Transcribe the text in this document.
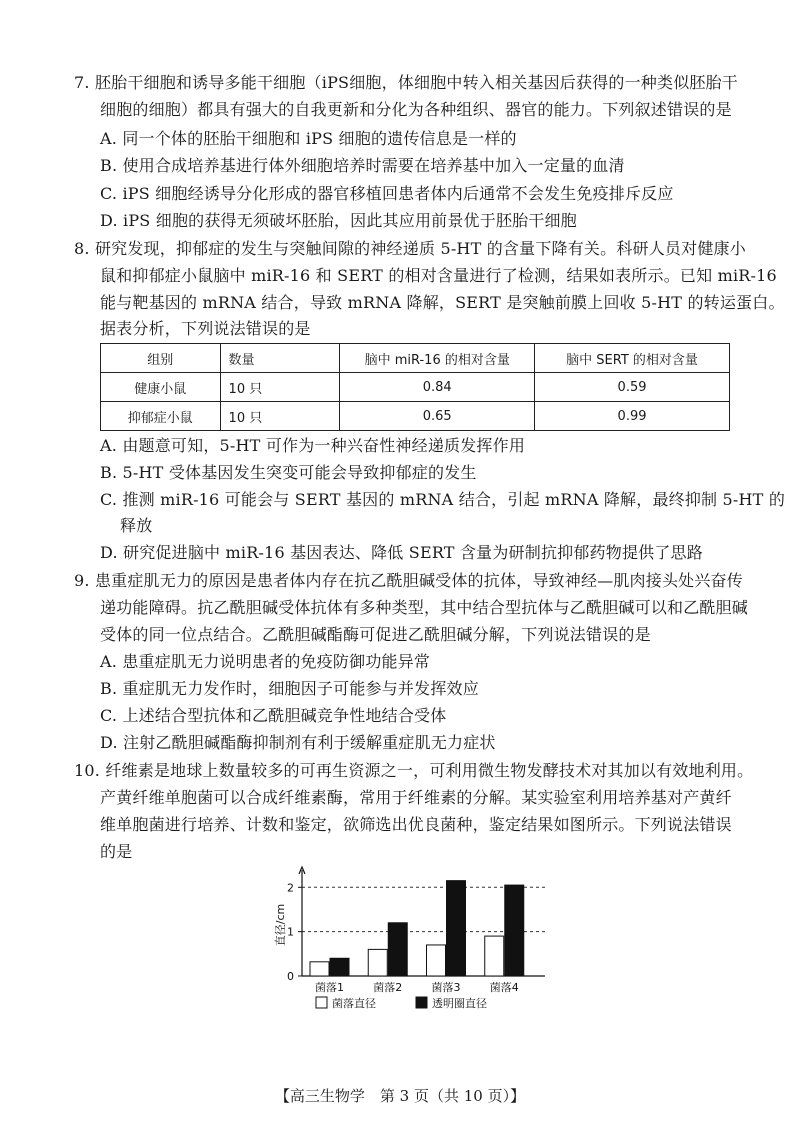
7. 胚胎干细胞和诱导多能干细胞（iPS细胞，体细胞中转入相关基因后获得的一种类似胚胎干
细胞的细胞）都具有强大的自我更新和分化为各种组织、器官的能力。下列叙述错误的是
A. 同一个体的胚胎干细胞和 iPS 细胞的遗传信息是一样的
B. 使用合成培养基进行体外细胞培养时需要在培养基中加入一定量的血清
C. iPS 细胞经诱导分化形成的器官移植回患者体内后通常不会发生免疫排斥反应
D. iPS 细胞的获得无须破坏胚胎，因此其应用前景优于胚胎干细胞
8. 研究发现，抑郁症的发生与突触间隙的神经递质 5-HT 的含量下降有关。科研人员对健康小
鼠和抑郁症小鼠脑中 miR-16 和 SERT 的相对含量进行了检测，结果如表所示。已知 miR-16
能与靶基因的 mRNA 结合，导致 mRNA 降解，SERT 是突触前膜上回收 5-HT 的转运蛋白。
据表分析，下列说法错误的是
组别	数量	脑中 miR-16 的相对含量	脑中 SERT 的相对含量
健康小鼠	10 只	0.84	0.59
抑郁症小鼠	10 只	0.65	0.99
A. 由题意可知，5-HT 可作为一种兴奋性神经递质发挥作用
B. 5-HT 受体基因发生突变可能会导致抑郁症的发生
C. 推测 miR-16 可能会与 SERT 基因的 mRNA 结合，引起 mRNA 降解，最终抑制 5-HT 的
释放
D. 研究促进脑中 miR-16 基因表达、降低 SERT 含量为研制抗抑郁药物提供了思路
9. 患重症肌无力的原因是患者体内存在抗乙酰胆碱受体的抗体，导致神经—肌肉接头处兴奋传
递功能障碍。抗乙酰胆碱受体抗体有多种类型，其中结合型抗体与乙酰胆碱可以和乙酰胆碱
受体的同一位点结合。乙酰胆碱酯酶可促进乙酰胆碱分解，下列说法错误的是
A. 患重症肌无力说明患者的免疫防御功能异常
B. 重症肌无力发作时，细胞因子可能参与并发挥效应
C. 上述结合型抗体和乙酰胆碱竞争性地结合受体
D. 注射乙酰胆碱酯酶抑制剂有利于缓解重症肌无力症状
10. 纤维素是地球上数量较多的可再生资源之一，可利用微生物发酵技术对其加以有效地利用。
产黄纤维单胞菌可以合成纤维素酶，常用于纤维素的分解。某实验室利用培养基对产黄纤
维单胞菌进行培养、计数和鉴定，欲筛选出优良菌种，鉴定结果如图所示。下列说法错误
的是
0
1
2
直径/cm
菌落1	菌落2	菌落3	菌落4
菌落直径	透明圈直径
【高三生物学　第 3 页（共 10 页）】
